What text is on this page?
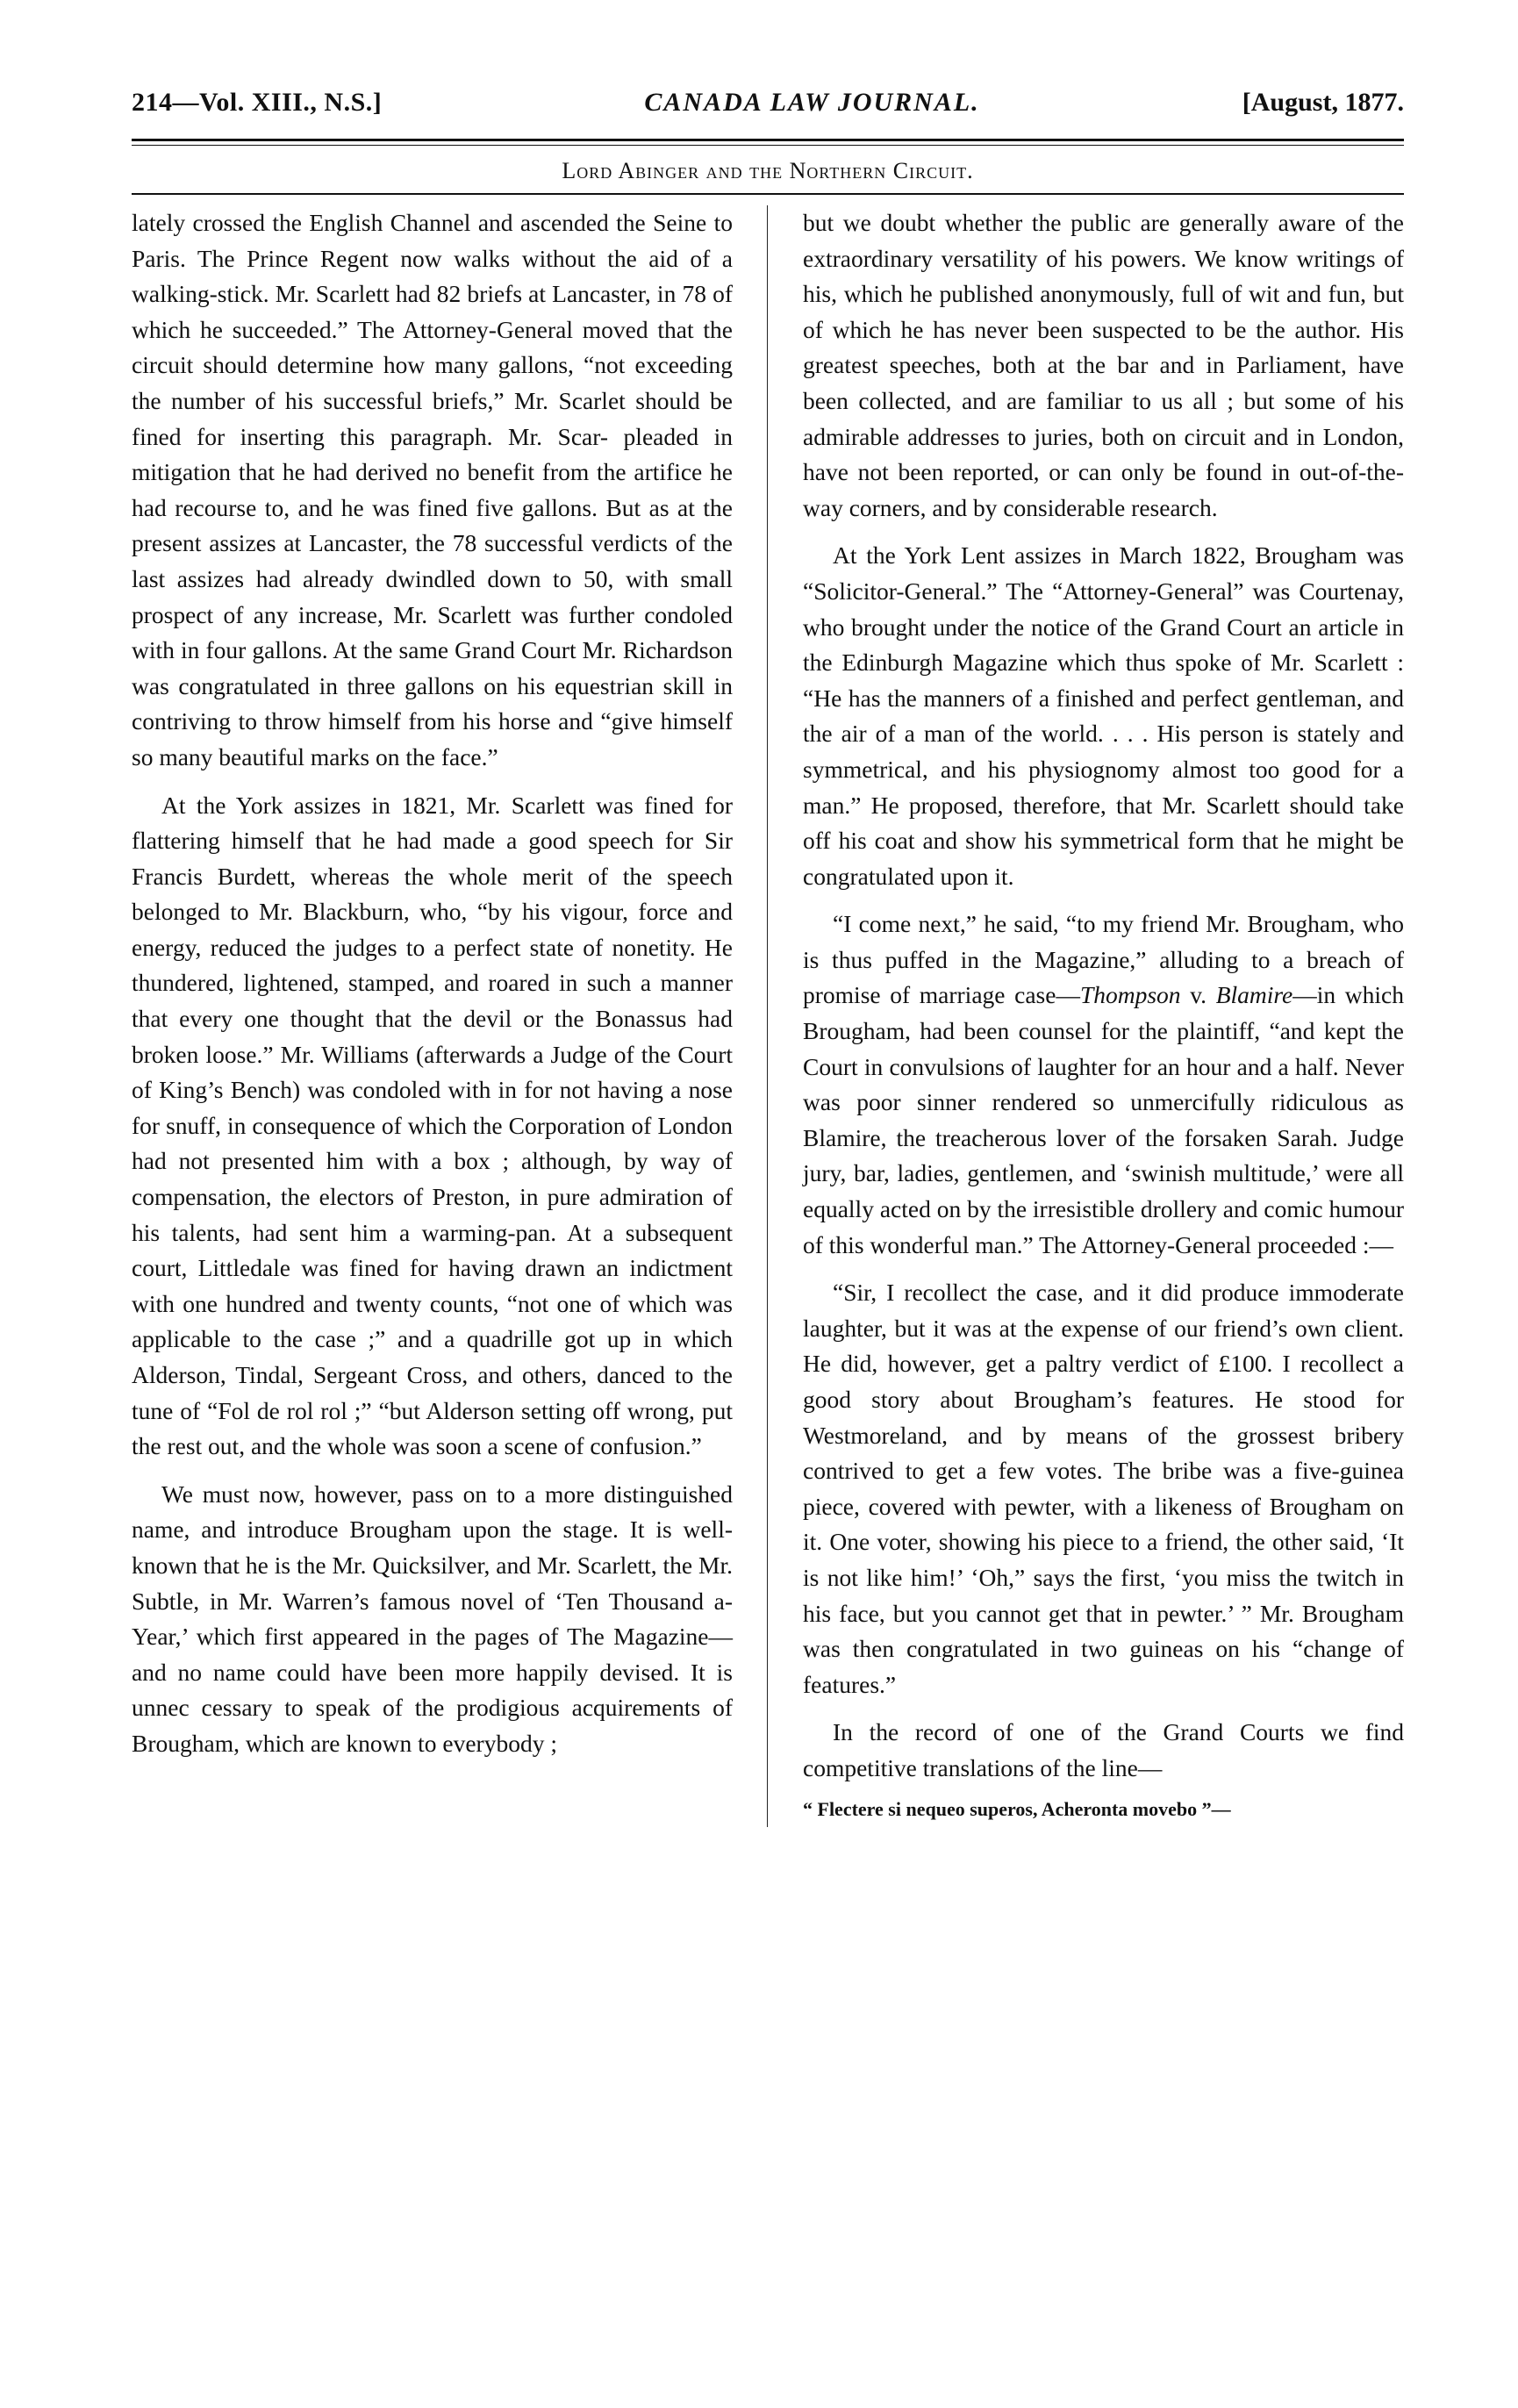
214—Vol. XIII., N.S.]	CANADA LAW JOURNAL.	[August, 1877.
Lord Abinger and the Northern Circuit.

lately crossed the English Channel and ascended the Seine to Paris. The Prince Regent now walks without the aid of a walking-stick. Mr. Scarlett had 82 briefs at Lancaster, in 78 of which he succeeded.” The Attorney-General moved that the circuit should determine how many gallons, “not exceeding the number of his successful briefs,” Mr. Scarlet should be fined for inserting this paragraph. Mr. Scar- pleaded in mitigation that he had derived no benefit from the artifice he had recourse to, and he was fined five gallons. But as at the present assizes at Lancaster, the 78 successful verdicts of the last assizes had already dwindled down to 50, with small prospect of any increase, Mr. Scarlett was further condoled with in four gallons. At the same Grand Court Mr. Richardson was congratulated in three gallons on his equestrian skill in contriving to throw himself from his horse and “give himself so many beautiful marks on the face.”

At the York assizes in 1821, Mr. Scarlett was fined for flattering himself that he had made a good speech for Sir Francis Burdett, whereas the whole merit of the speech belonged to Mr. Blackburn, who, “by his vigour, force and energy, reduced the judges to a perfect state of nonetity. He thundered, lightened, stamped, and roared in such a manner that every one thought that the devil or the Bonassus had broken loose.” Mr. Williams (afterwards a Judge of the Court of King’s Bench) was condoled with in for not having a nose for snuff, in consequence of which the Corporation of London had not presented him with a box ; although, by way of compensation, the electors of Preston, in pure admiration of his talents, had sent him a warming-pan. At a subsequent court, Littledale was fined for having drawn an indictment with one hundred and twenty counts, “not one of which was applicable to the case ;” and a quadrille got up in which Alderson, Tindal, Sergeant Cross, and others, danced to the tune of “Fol de rol rol ;” “but Alderson setting off wrong, put the rest out, and the whole was soon a scene of confusion.”

We must now, however, pass on to a more distinguished name, and introduce Brougham upon the stage. It is well-known that he is the Mr. Quicksilver, and Mr. Scarlett, the Mr. Subtle, in Mr. Warren’s famous novel of ‘Ten Thousand a-Year,’ which first appeared in the pages of The Magazine—and no name could have been more happily devised. It is unnec cessary to speak of the prodigious acquirements of Brougham, which are known to everybody ;

but we doubt whether the public are generally aware of the extraordinary versatility of his powers. We know writings of his, which he published anonymously, full of wit and fun, but of which he has never been suspected to be the author. His greatest speeches, both at the bar and in Parliament, have been collected, and are familiar to us all ; but some of his admirable addresses to juries, both on circuit and in London, have not been reported, or can only be found in out-of-the-way corners, and by considerable research.

At the York Lent assizes in March 1822, Brougham was “Solicitor-General.” The “Attorney-General” was Courtenay, who brought under the notice of the Grand Court an article in the Edinburgh Magazine which thus spoke of Mr. Scarlett : “He has the manners of a finished and perfect gentleman, and the air of a man of the world. . . . His person is stately and symmetrical, and his physiognomy almost too good for a man.” He proposed, therefore, that Mr. Scarlett should take off his coat and show his symmetrical form that he might be congratulated upon it.

“I come next,” he said, “to my friend Mr. Brougham, who is thus puffed in the Magazine,” alluding to a breach of promise of marriage case—Thompson v. Blamire—in which Brougham, had been counsel for the plaintiff, “and kept the Court in convulsions of laughter for an hour and a half. Never was poor sinner rendered so unmercifully ridiculous as Blamire, the treacherous lover of the forsaken Sarah. Judge jury, bar, ladies, gentlemen, and ‘swinish multitude,’ were all equally acted on by the irresistible drollery and comic humour of this wonderful man.” The Attorney-General proceeded :—

“Sir, I recollect the case, and it did produce immoderate laughter, but it was at the expense of our friend’s own client. He did, however, get a paltry verdict of £100. I recollect a good story about Brougham’s features. He stood for Westmoreland, and by means of the grossest bribery contrived to get a few votes. The bribe was a five-guinea piece, covered with pewter, with a likeness of Brougham on it. One voter, showing his piece to a friend, the other said, ‘It is not like him!’ ‘Oh,” says the first, ‘you miss the twitch in his face, but you cannot get that in pewter.’ ” Mr. Brougham was then congratulated in two guineas on his “change of features.”

In the record of one of the Grand Courts we find competitive translations of the line—

“ Flectere si nequeo superos, Acheronta movebo ”—
